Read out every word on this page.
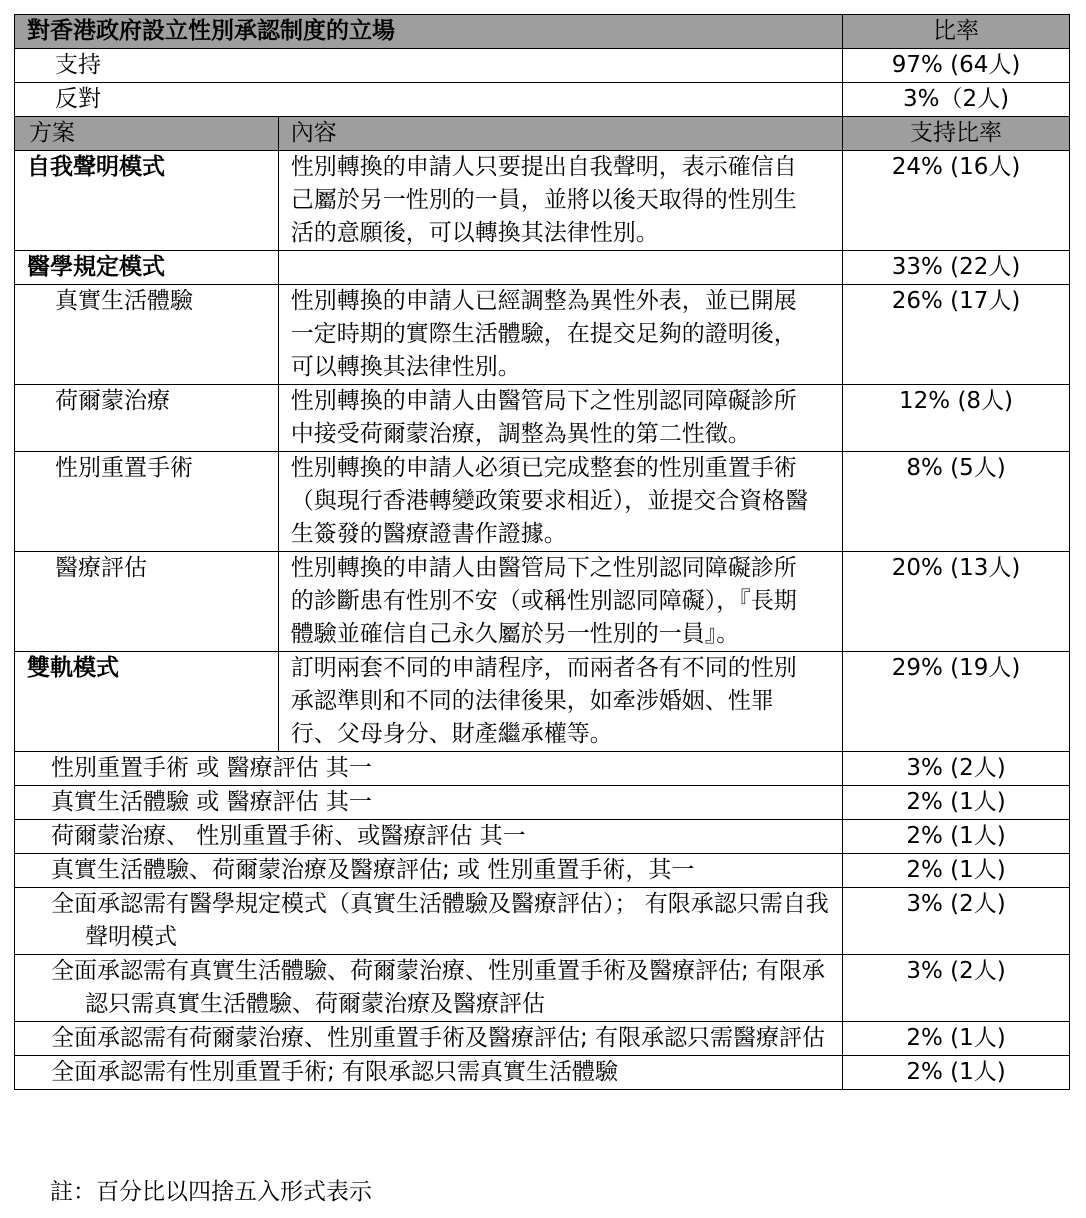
對香港政府設立性別承認制度的立場		比率
支持		97% (64人)
反對		3%（2人)
方案	內容	支持比率
自我聲明模式	性別轉換的申請人只要提出自我聲明，表示確信自己屬於另一性別的一員，並將以後天取得的性別生活的意願後，可以轉換其法律性別。	24% (16人)
醫學規定模式		33% (22人)
真實生活體驗	性別轉換的申請人已經調整為異性外表，並已開展一定時期的實際生活體驗，在提交足夠的證明後，可以轉換其法律性別。	26% (17人)
荷爾蒙治療	性別轉換的申請人由醫管局下之性別認同障礙診所中接受荷爾蒙治療，調整為異性的第二性徵。	12% (8人)
性別重置手術	性別轉換的申請人必須已完成整套的性別重置手術（與現行香港轉變政策要求相近），並提交合資格醫生簽發的醫療證書作證據。	8% (5人)
醫療評估	性別轉換的申請人由醫管局下之性別認同障礙診所的診斷患有性別不安（或稱性別認同障礙），『長期體驗並確信自己永久屬於另一性別的一員』。	20% (13人)
雙軌模式	訂明兩套不同的申請程序，而兩者各有不同的性別承認準則和不同的法律後果，如牽涉婚姻、性罪行、父母身分、財產繼承權等。	29% (19人)
性別重置手術 或 醫療評估 其一		3% (2人)
真實生活體驗 或 醫療評估 其一		2% (1人)
荷爾蒙治療、 性別重置手術、或醫療評估 其一		2% (1人)
真實生活體驗、荷爾蒙治療及醫療評估; 或 性別重置手術，其一		2% (1人)
全面承認需有醫學規定模式（真實生活體驗及醫療評估）； 有限承認只需自我聲明模式		3% (2人)
全面承認需有真實生活體驗、荷爾蒙治療、性別重置手術及醫療評估; 有限承認只需真實生活體驗、荷爾蒙治療及醫療評估		3% (2人)
全面承認需有荷爾蒙治療、性別重置手術及醫療評估; 有限承認只需醫療評估		2% (1人)
全面承認需有性別重置手術; 有限承認只需真實生活體驗		2% (1人)
註：百分比以四捨五入形式表示
